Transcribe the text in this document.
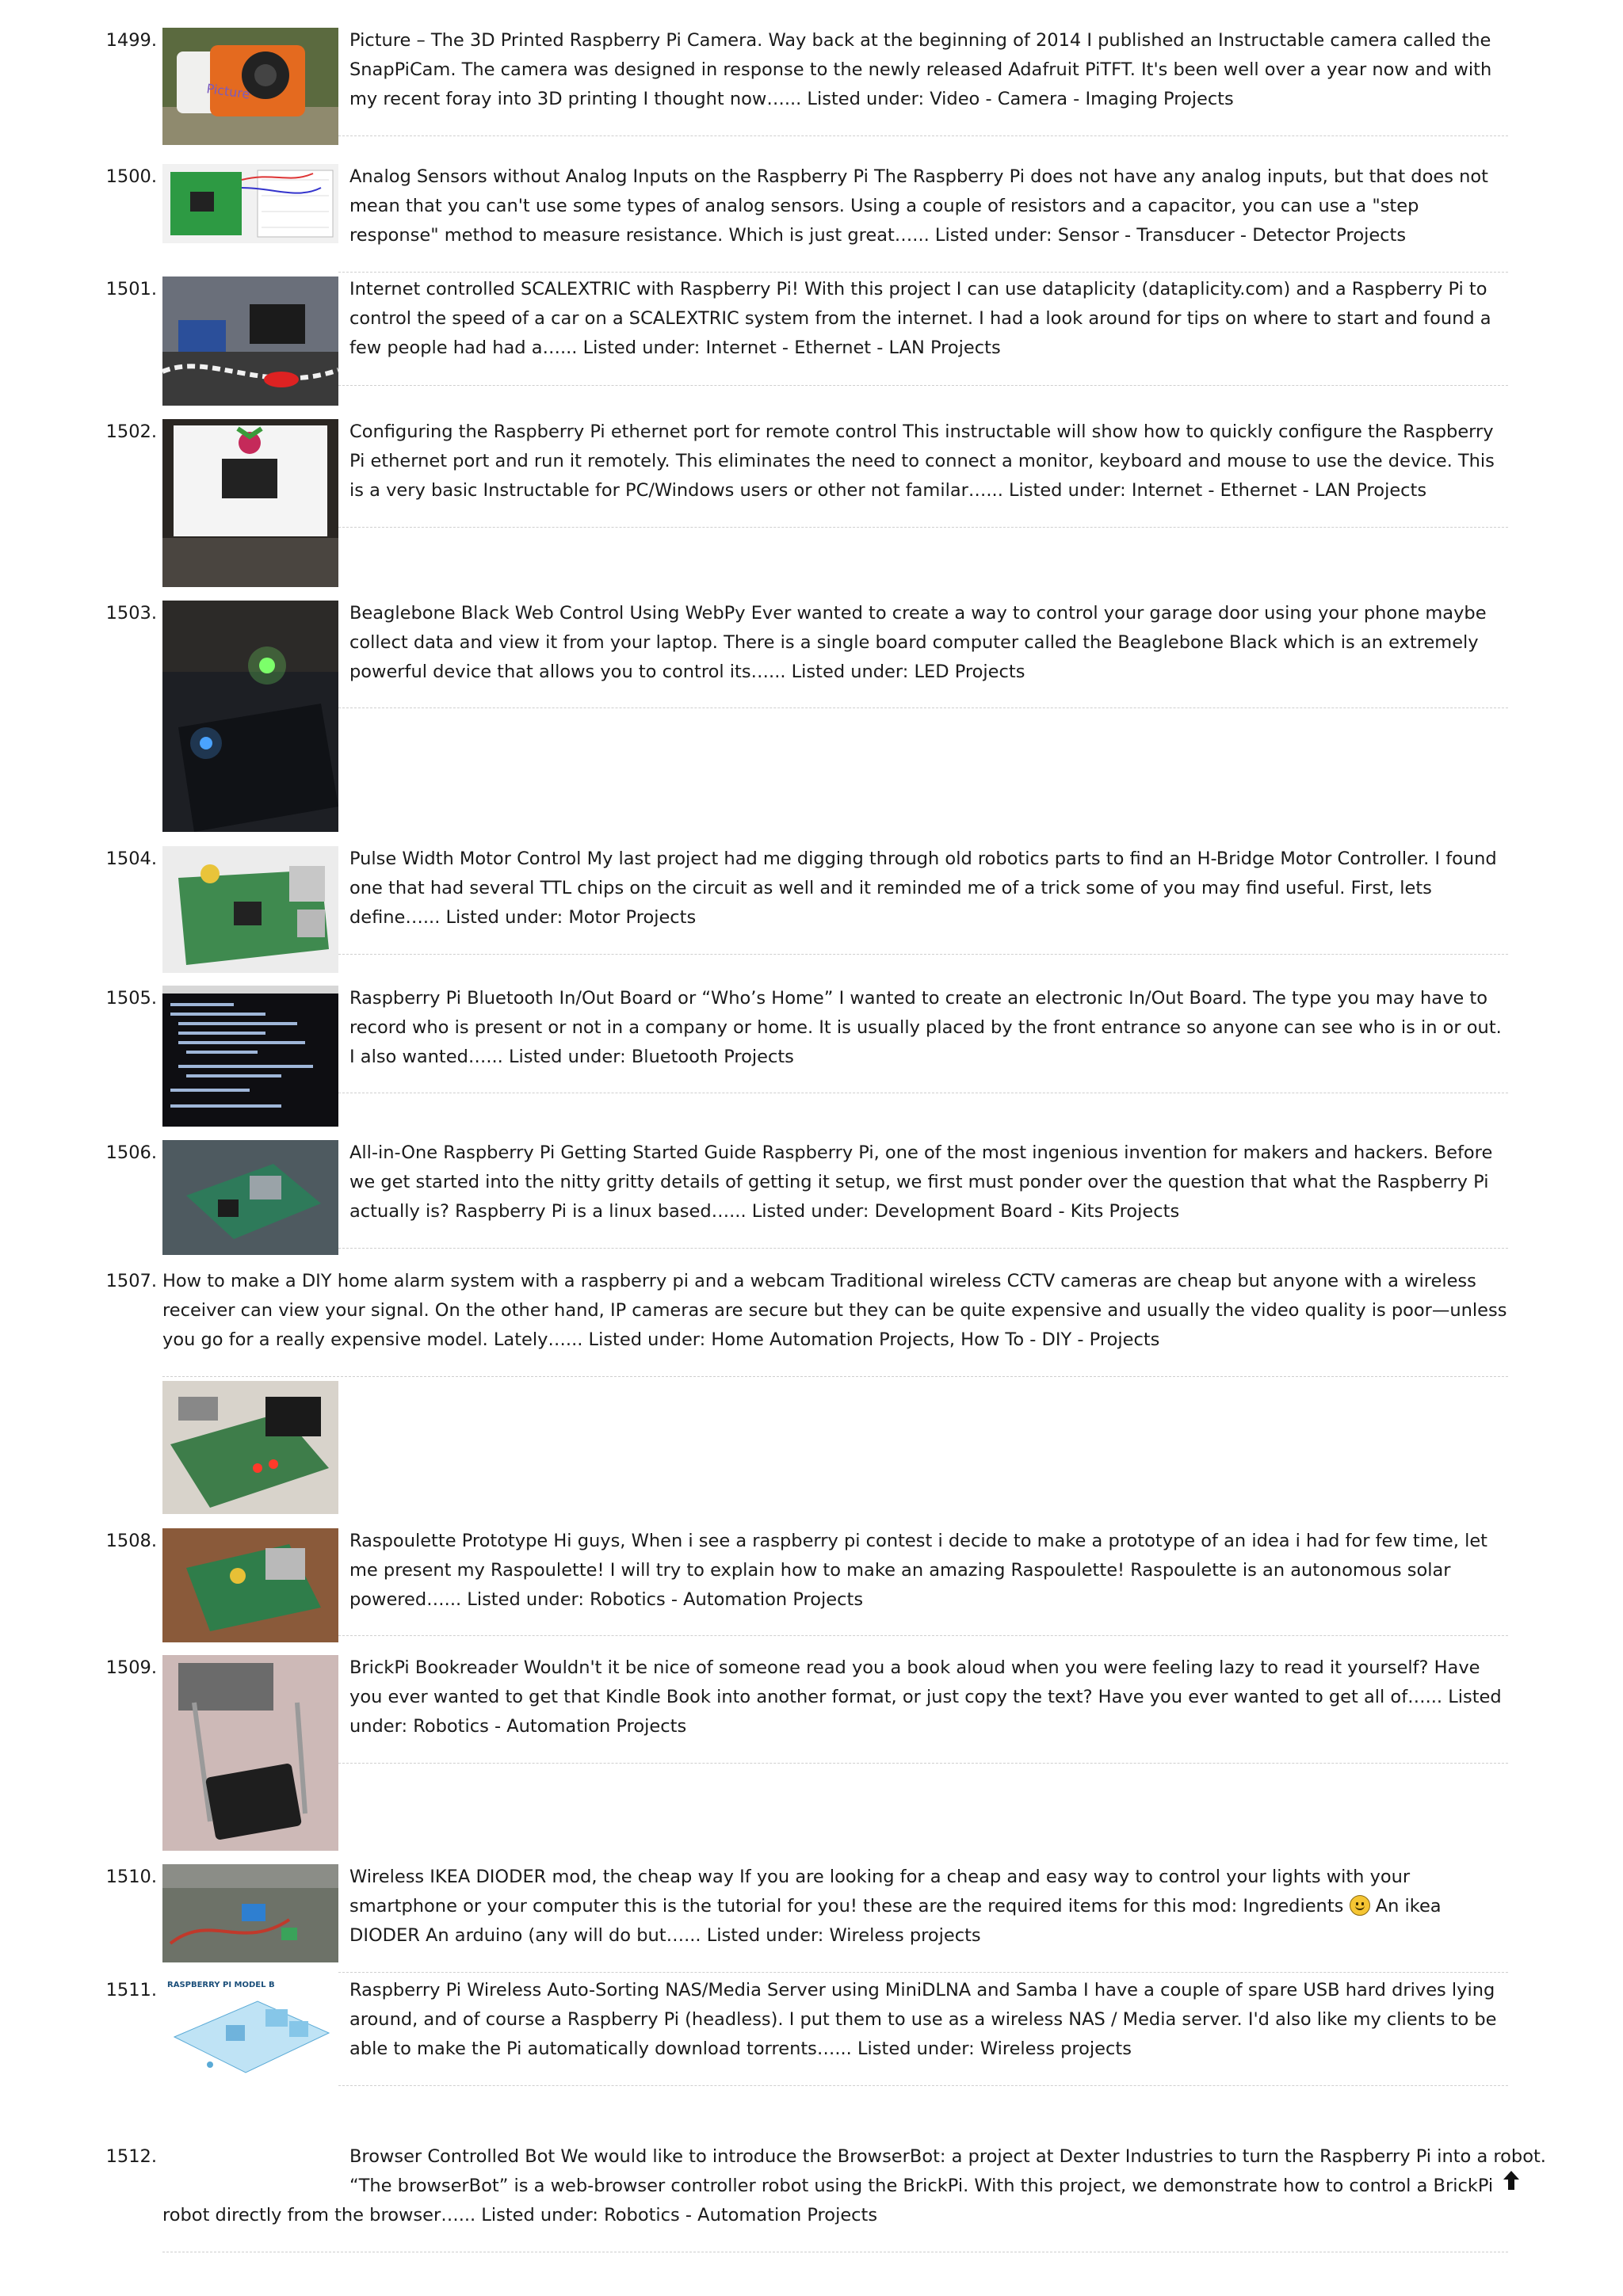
1499.
Picture
Picture – The 3D Printed Raspberry Pi Camera. Way back at the beginning of 2014 I published an Instructable camera called the SnapPiCam. The camera was designed in response to the newly released Adafruit PiTFT. It's been well over a year now and with my recent foray into 3D printing I thought now…... Listed under: Video - Camera - Imaging Projects
1500.	Analog Sensors without Analog Inputs on the Raspberry Pi The Raspberry Pi does not have any analog inputs, but that does not mean that you can't use some types of analog sensors. Using a couple of resistors and a capacitor, you can use a "step response" method to measure resistance. Which is just great…... Listed under: Sensor - Transducer - Detector Projects
1501.	Internet controlled SCALEXTRIC with Raspberry Pi! With this project I can use dataplicity (dataplicity.com) and a Raspberry Pi to control the speed of a car on a SCALEXTRIC system from the internet. I had a look around for tips on where to start and found a few people had had a…... Listed under: Internet - Ethernet - LAN Projects
1502.	Configuring the Raspberry Pi ethernet port for remote control This instructable will show how to quickly configure the Raspberry Pi ethernet port and run it remotely. This eliminates the need to connect a monitor, keyboard and mouse to use the device. This is a very basic Instructable for PC/Windows users or other not familar…... Listed under: Internet - Ethernet - LAN Projects
1503.	Beaglebone Black Web Control Using WebPy Ever wanted to create a way to control your garage door using your phone maybe collect data and view it from your laptop. There is a single board computer called the Beaglebone Black which is an extremely powerful device that allows you to control its…... Listed under: LED Projects
1504.	Pulse Width Motor Control My last project had me digging through old robotics parts to find an H-Bridge Motor Controller. I found one that had several TTL chips on the circuit as well and it reminded me of a trick some of you may find useful. First, lets define…... Listed under: Motor Projects
1505.	Raspberry Pi Bluetooth In/Out Board or “Who’s Home” I wanted to create an electronic In/Out Board. The type you may have to record who is present or not in a company or home. It is usually placed by the front entrance so anyone can see who is in or out. I also wanted…... Listed under: Bluetooth Projects
1506.	All-in-One Raspberry Pi Getting Started Guide Raspberry Pi, one of the most ingenious invention for makers and hackers. Before we get started into the nitty gritty details of getting it setup, we first must ponder over the question that what the Raspberry Pi actually is? Raspberry Pi is a linux based…... Listed under: Development Board - Kits Projects
1507. How to make a DIY home alarm system with a raspberry pi and a webcam Traditional wireless CCTV cameras are cheap but anyone with a wireless receiver can view your signal. On the other hand, IP cameras are secure but they can be quite expensive and usually the video quality is poor—unless you go for a really expensive model. Lately…... Listed under: Home Automation Projects, How To - DIY - Projects
1508.	Raspoulette Prototype Hi guys, When i see a raspberry pi contest i decide to make a prototype of an idea i had for few time, let me present my Raspoulette! I will try to explain how to make an amazing Raspoulette! Raspoulette is an autonomous solar powered…... Listed under: Robotics - Automation Projects
1509.	BrickPi Bookreader Wouldn't it be nice of someone read you a book aloud when you were feeling lazy to read it yourself? Have you ever wanted to get that Kindle Book into another format, or just copy the text? Have you ever wanted to get all of…... Listed under: Robotics - Automation Projects
1510.	Wireless IKEA DIODER mod, the cheap way If you are looking for a cheap and easy way to control your lights with your smartphone or your computer this is the tutorial for you! these are the required items for this mod: Ingredients
An ikea DIODER An arduino (any will do but…... Listed under: Wireless projects
1511. RASPBERRY PI MODEL B	Raspberry Pi Wireless Auto-Sorting NAS/Media Server using MiniDLNA and Samba I have a couple of spare USB hard drives lying around, and of course a Raspberry Pi (headless). I put them to use as a wireless NAS / Media server. I'd also like my clients to be able to make the Pi automatically download torrents…... Listed under: Wireless projects
1512.	Browser Controlled Bot We would like to introduce the BrowserBot: a project at Dexter Industries to turn the Raspberry Pi into a robot.
“The browserBot” is a web-browser controller robot using the BrickPi. With this project, we demonstrate how to control a BrickPi robot directly from the browser…... Listed under: Robotics - Automation Projects
